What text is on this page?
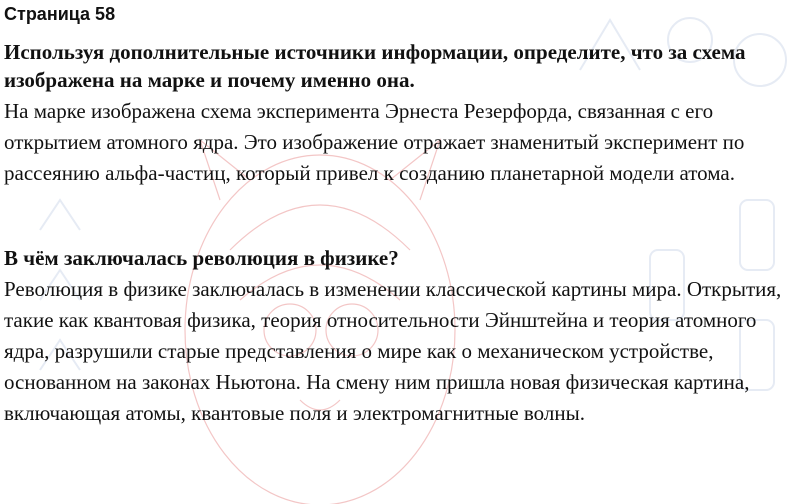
Страница 58

Используя дополнительные источники информации, определите, что за схема изображена на марке и почему именно она.

На марке изображена схема эксперимента Эрнеста Резерфорда, связанная с его открытием атомного ядра. Это изображение отражает знаменитый эксперимент по рассеянию альфа-частиц, который привел к созданию планетарной модели атома.

В чём заключалась революция в физике?

Революция в физике заключалась в изменении классической картины мира. Открытия, такие как квантовая физика, теория относительности Эйнштейна и теория атомного ядра, разрушили старые представления о мире как о механическом устройстве, основанном на законах Ньютона. На смену ним пришла новая физическая картина, включающая атомы, квантовые поля и электромагнитные волны.
